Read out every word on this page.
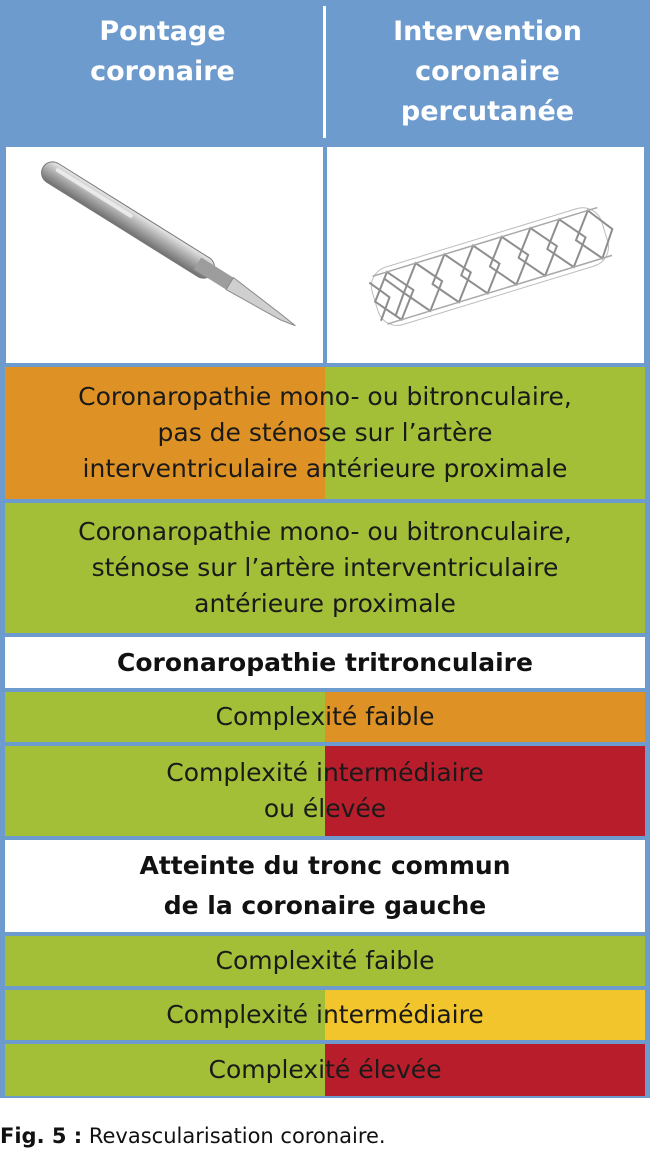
Pontage
coronaire
Intervention
coronaire
percutanée
Coronaropathie mono- ou bitronculaire,
pas de sténose sur l’artère
interventriculaire antérieure proximale
Coronaropathie mono- ou bitronculaire,
sténose sur l’artère interventriculaire
antérieure proximale
Coronaropathie tritronculaire
Complexité faible
Complexité intermédiaire
ou élevée
Atteinte du tronc commun
de la coronaire gauche
Complexité faible
Complexité intermédiaire
Complexité élevée
Fig. 5 : Revascularisation coronaire.
